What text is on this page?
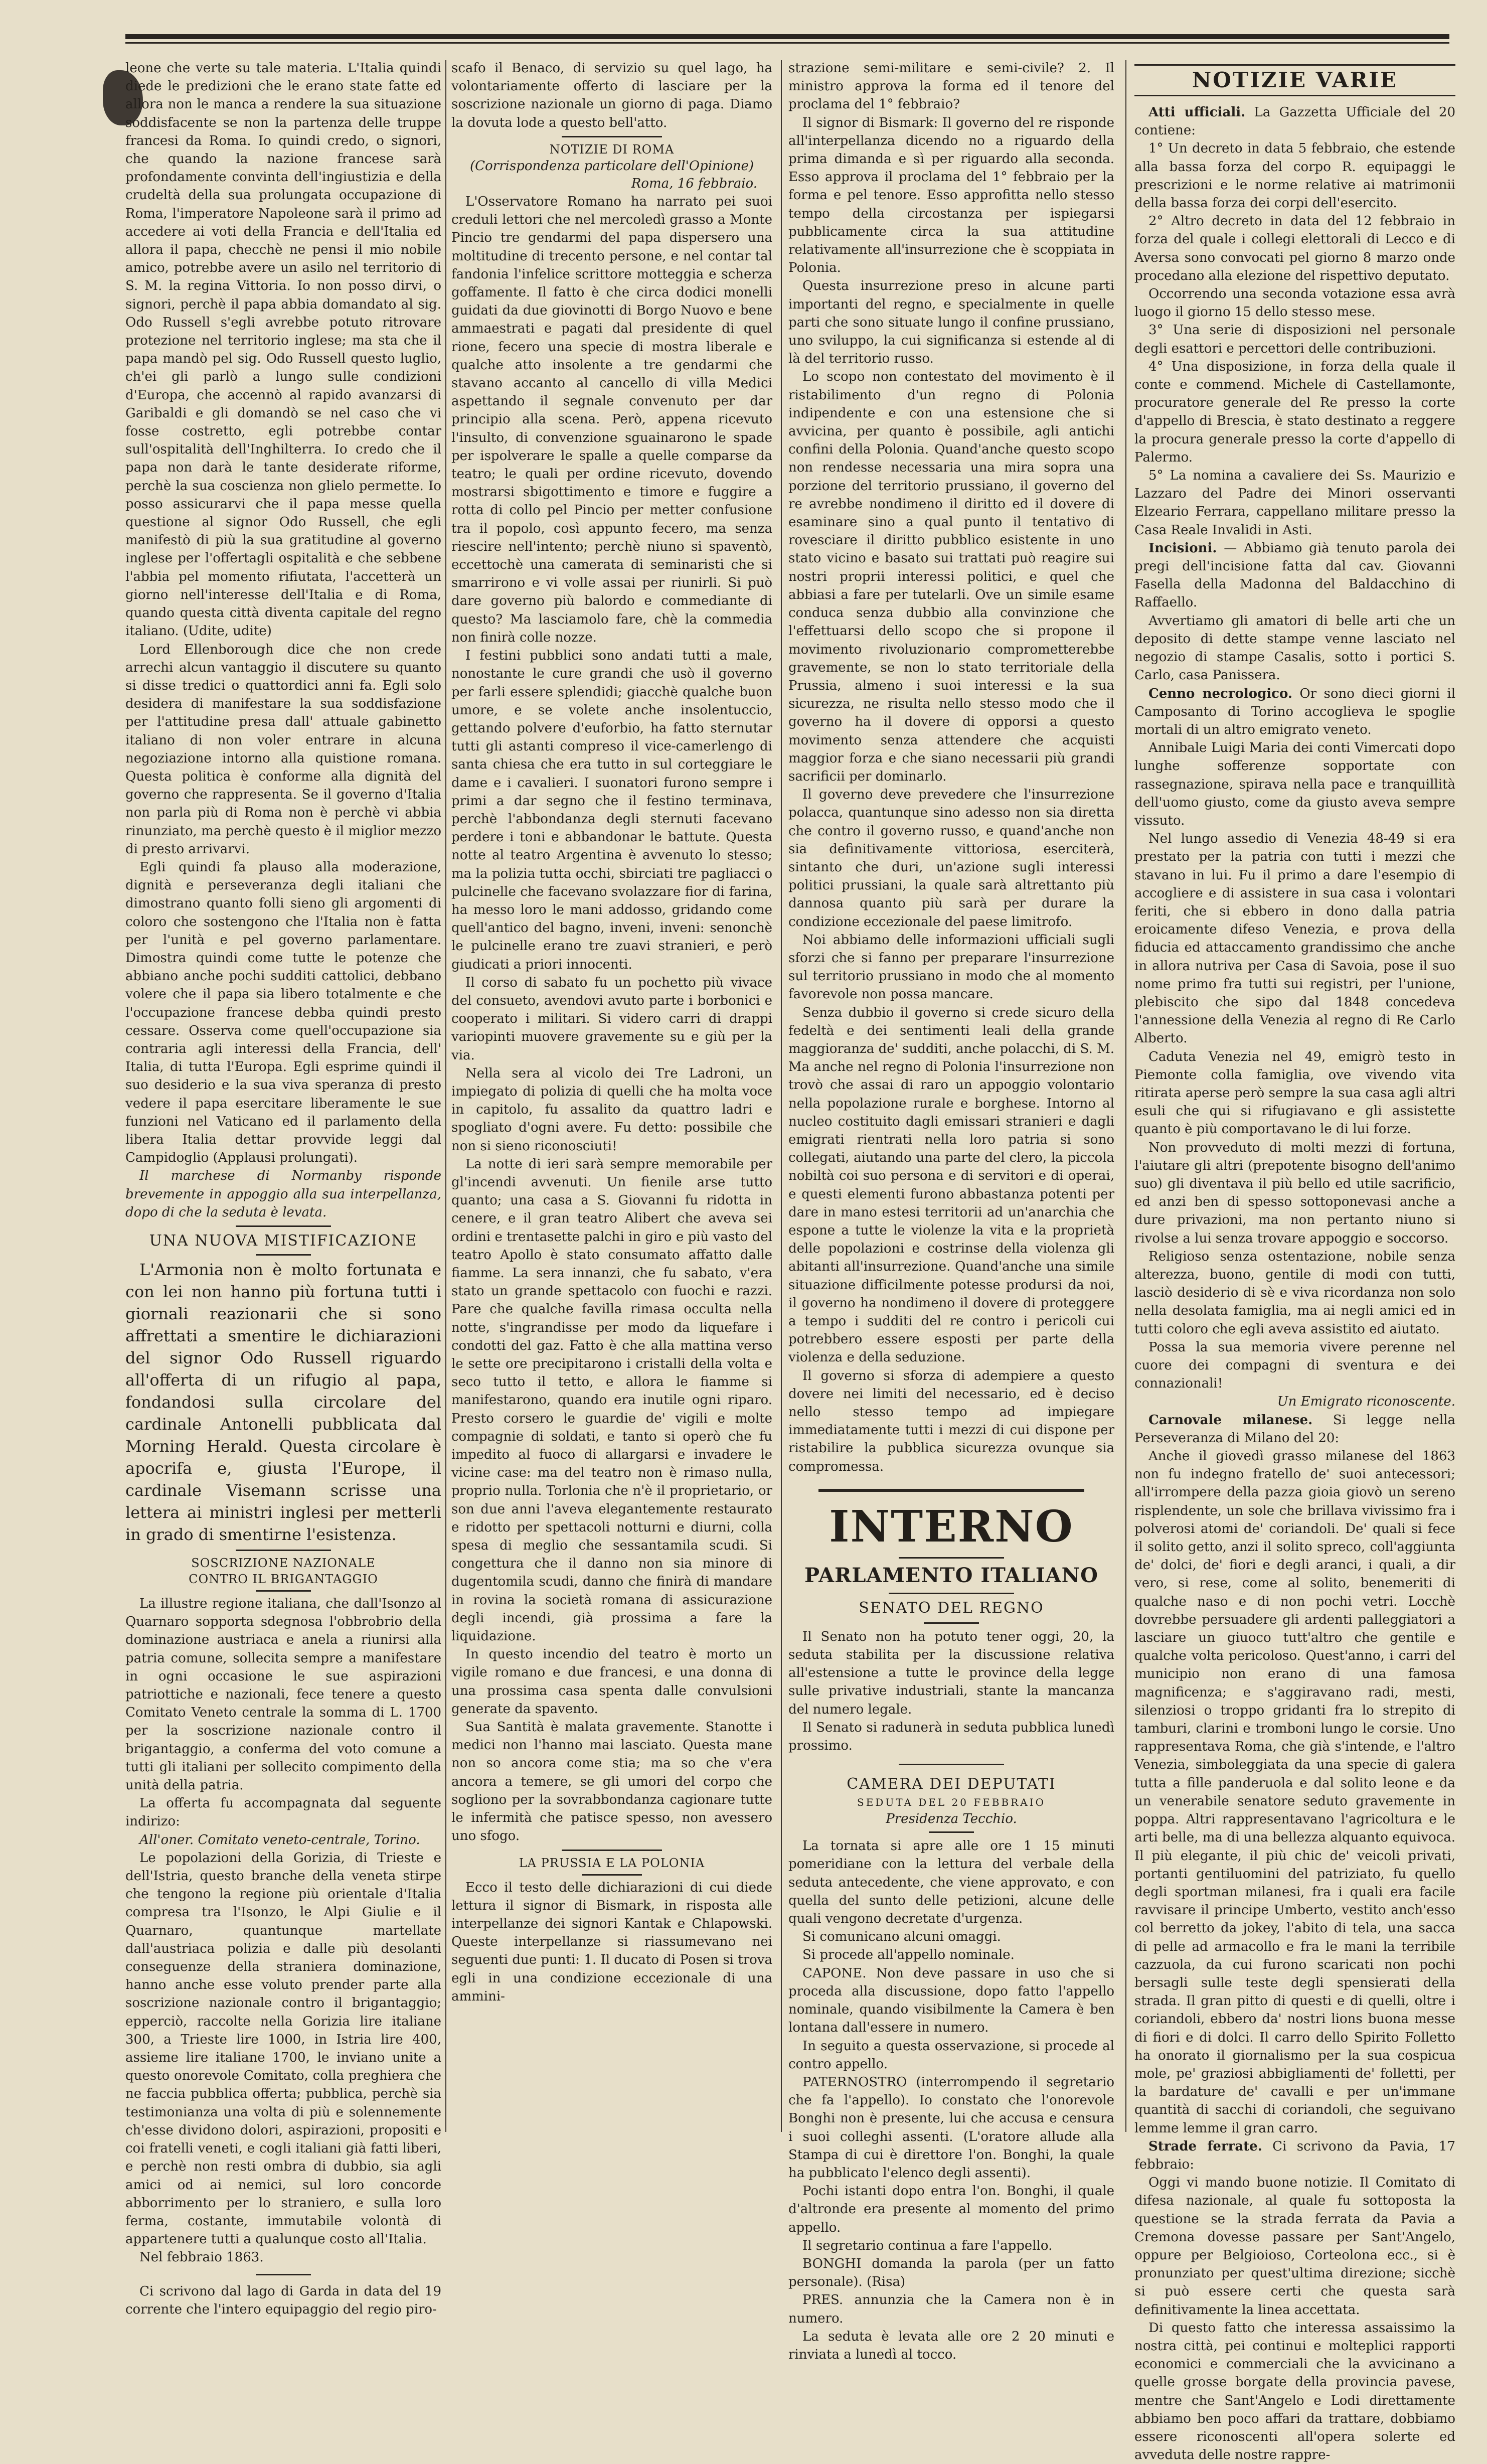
leone che verte su tale materia. L'Italia quindi diede le predizioni che le erano state fatte ed allora non le manca a rendere la sua situazione soddisfacente se non la partenza delle truppe francesi da Roma. Io quindi credo, o signori, che quando la nazione francese sarà profondamente convinta dell'ingiustizia e della crudeltà della sua prolungata occupazione di Roma, l'imperatore Napoleone sarà il primo ad accedere ai voti della Francia e dell'Italia ed allora il papa, checchè ne pensi il mio nobile amico, potrebbe avere un asilo nel territorio di S. M. la regina Vittoria. Io non posso dirvi, o signori, perchè il papa abbia domandato al sig. Odo Russell s'egli avrebbe potuto ritrovare protezione nel territorio inglese; ma sta che il papa mandò pel sig. Odo Russell questo luglio, ch'ei gli parlò a lungo sulle condizioni d'Europa, che accennò al rapido avanzarsi di Garibaldi e gli domandò se nel caso che vi fosse costretto, egli potrebbe contar sull'ospitalità dell'Inghilterra. Io credo che il papa non darà le tante desiderate riforme, perchè la sua coscienza non glielo permette. Io posso assicurarvi che il papa messe quella questione al signor Odo Russell, che egli manifestò di più la sua gratitudine al governo inglese per l'offertagli ospitalità e che sebbene l'abbia pel momento rifiutata, l'accetterà un giorno nell'interesse dell'Italia e di Roma, quando questa città diventa capitale del regno italiano. (Udite, udite)

Lord Ellenborough dice che non crede arrechi alcun vantaggio il discutere su quanto si disse tredici o quattordici anni fa. Egli solo desidera di manifestare la sua soddisfazione per l'attitudine presa dall' attuale gabinetto italiano di non voler entrare in alcuna negoziazione intorno alla quistione romana. Questa politica è conforme alla dignità del governo che rappresenta. Se il governo d'Italia non parla più di Roma non è perchè vi abbia rinunziato, ma perchè questo è il miglior mezzo di presto arrivarvi.

Egli quindi fa plauso alla moderazione, dignità e perseveranza degli italiani che dimostrano quanto folli sieno gli argomenti di coloro che sostengono che l'Italia non è fatta per l'unità e pel governo parlamentare. Dimostra quindi come tutte le potenze che abbiano anche pochi sudditi cattolici, debbano volere che il papa sia libero totalmente e che l'occupazione francese debba quindi presto cessare. Osserva come quell'occupazione sia contraria agli interessi della Francia, dell' Italia, di tutta l'Europa. Egli esprime quindi il suo desiderio e la sua viva speranza di presto vedere il papa esercitare liberamente le sue funzioni nel Vaticano ed il parlamento della libera Italia dettar provvide leggi dal Campidoglio (Applausi prolungati).

Il marchese di Normanby risponde brevemente in appoggio alla sua interpellanza, dopo di che la seduta è levata.

UNA NUOVA MISTIFICAZIONE

L'Armonia non è molto fortunata e con lei non hanno più fortuna tutti i giornali reazionarii che si sono affrettati a smentire le dichiarazioni del signor Odo Russell riguardo all'offerta di un rifugio al papa, fondandosi sulla circolare del cardinale Antonelli pubblicata dal Morning Herald. Questa circolare è apocrifa e, giusta l'Europe, il cardinale Visemann scrisse una lettera ai ministri inglesi per metterli in grado di smentirne l'esistenza.

SOSCRIZIONE NAZIONALE
CONTRO IL BRIGANTAGGIO

La illustre regione italiana, che dall'Isonzo al Quarnaro sopporta sdegnosa l'obbrobrio della dominazione austriaca e anela a riunirsi alla patria comune, sollecita sempre a manifestare in ogni occasione le sue aspirazioni patriottiche e nazionali, fece tenere a questo Comitato Veneto centrale la somma di L. 1700 per la soscrizione nazionale contro il brigantaggio, a conferma del voto comune a tutti gli italiani per sollecito compimento della unità della patria.

La offerta fu accompagnata dal seguente indirizo:

All'oner. Comitato veneto-centrale, Torino.

Le popolazioni della Gorizia, di Trieste e dell'Istria, questo branche della veneta stirpe che tengono la regione più orientale d'Italia compresa tra l'Isonzo, le Alpi Giulie e il Quarnaro, quantunque martellate dall'austriaca polizia e dalle più desolanti conseguenze della straniera dominazione, hanno anche esse voluto prender parte alla soscrizione nazionale contro il brigantaggio; epperciò, raccolte nella Gorizia lire italiane 300, a Trieste lire 1000, in Istria lire 400, assieme lire italiane 1700, le inviano unite a questo onorevole Comitato, colla preghiera che ne faccia pubblica offerta; pubblica, perchè sia testimonianza una volta di più e solennemente ch'esse dividono dolori, aspirazioni, propositi e coi fratelli veneti, e cogli italiani già fatti liberi, e perchè non resti ombra di dubbio, sia agli amici od ai nemici, sul loro concorde abborrimento per lo straniero, e sulla loro ferma, costante, immutabile volontà di appartenere tutti a qualunque costo all'Italia.

Nel febbraio 1863.

Ci scrivono dal lago di Garda in data del 19 corrente che l'intero equipaggio del regio piro-

scafo il Benaco, di servizio su quel lago, ha volontariamente offerto di lasciare per la soscrizione nazionale un giorno di paga. Diamo la dovuta lode a questo bell'atto.

NOTIZIE DI ROMA
(Corrispondenza particolare dell'Opinione)
Roma, 16 febbraio.

L'Osservatore Romano ha narrato pei suoi creduli lettori che nel mercoledì grasso a Monte Pincio tre gendarmi del papa dispersero una moltitudine di trecento persone, e nel contar tal fandonia l'infelice scrittore motteggia e scherza goffamente. Il fatto è che circa dodici monelli guidati da due giovinotti di Borgo Nuovo e bene ammaestrati e pagati dal presidente di quel rione, fecero una specie di mostra liberale e qualche atto insolente a tre gendarmi che stavano accanto al cancello di villa Medici aspettando il segnale convenuto per dar principio alla scena. Però, appena ricevuto l'insulto, di convenzione sguainarono le spade per ispolverare le spalle a quelle comparse da teatro; le quali per ordine ricevuto, dovendo mostrarsi sbigottimento e timore e fuggire a rotta di collo pel Pincio per metter confusione tra il popolo, così appunto fecero, ma senza riescire nell'intento; perchè niuno si spaventò, eccettochè una camerata di seminaristi che si smarrirono e vi volle assai per riunirli. Si può dare governo più balordo e commediante di questo? Ma lasciamolo fare, chè la commedia non finirà colle nozze.

I festini pubblici sono andati tutti a male, nonostante le cure grandi che usò il governo per farli essere splendidi; giacchè qualche buon umore, e se volete anche insolentuccio, gettando polvere d'euforbio, ha fatto sternutar tutti gli astanti compreso il vice-camerlengo di santa chiesa che era tutto in sul corteggiare le dame e i cavalieri. I suonatori furono sempre i primi a dar segno che il festino terminava, perchè l'abbondanza degli sternuti facevano perdere i toni e abbandonar le battute. Questa notte al teatro Argentina è avvenuto lo stesso; ma la polizia tutta occhi, sbirciati tre pagliacci o pulcinelle che facevano svolazzare fior di farina, ha messo loro le mani addosso, gridando come quell'antico del bagno, inveni, inveni: senonchè le pulcinelle erano tre zuavi stranieri, e però giudicati a priori innocenti.

Il corso di sabato fu un pochetto più vivace del consueto, avendovi avuto parte i borbonici e cooperato i militari. Si videro carri di drappi variopinti muovere gravemente su e giù per la via.

Nella sera al vicolo dei Tre Ladroni, un impiegato di polizia di quelli che ha molta voce in capitolo, fu assalito da quattro ladri e spogliato d'ogni avere. Fu detto: possibile che non si sieno riconosciuti!

La notte di ieri sarà sempre memorabile per gl'incendi avvenuti. Un fienile arse tutto quanto; una casa a S. Giovanni fu ridotta in cenere, e il gran teatro Alibert che aveva sei ordini e trentasette palchi in giro e più vasto del teatro Apollo è stato consumato affatto dalle fiamme. La sera innanzi, che fu sabato, v'era stato un grande spettacolo con fuochi e razzi. Pare che qualche favilla rimasa occulta nella notte, s'ingrandisse per modo da liquefare i condotti del gaz. Fatto è che alla mattina verso le sette ore precipitarono i cristalli della volta e seco tutto il tetto, e allora le fiamme si manifestarono, quando era inutile ogni riparo. Presto corsero le guardie de' vigili e molte compagnie di soldati, e tanto si operò che fu impedito al fuoco di allargarsi e invadere le vicine case: ma del teatro non è rimaso nulla, proprio nulla. Torlonia che n'è il proprietario, or son due anni l'aveva elegantemente restaurato e ridotto per spettacoli notturni e diurni, colla spesa di meglio che sessantamila scudi. Si congettura che il danno non sia minore di dugentomila scudi, danno che finirà di mandare in rovina la società romana di assicurazione degli incendi, già prossima a fare la liquidazione.

In questo incendio del teatro è morto un vigile romano e due francesi, e una donna di una prossima casa spenta dalle convulsioni generate da spavento.

Sua Santità è malata gravemente. Stanotte i medici non l'hanno mai lasciato. Questa mane non so ancora come stia; ma so che v'era ancora a temere, se gli umori del corpo che sogliono per la sovrabbondanza cagionare tutte le infermità che patisce spesso, non avessero uno sfogo.

LA PRUSSIA E LA POLONIA

Ecco il testo delle dichiarazioni di cui diede lettura il signor di Bismark, in risposta alle interpellanze dei signori Kantak e Chlapowski. Queste interpellanze si riassumevano nei seguenti due punti: 1. Il ducato di Posen si trova egli in una condizione eccezionale di una ammini-

strazione semi-militare e semi-civile? 2. Il ministro approva la forma ed il tenore del proclama del 1° febbraio?

Il signor di Bismark: Il governo del re risponde all'interpellanza dicendo no a riguardo della prima dimanda e sì per riguardo alla seconda. Esso approva il proclama del 1° febbraio per la forma e pel tenore. Esso approfitta nello stesso tempo della circostanza per ispiegarsi pubblicamente circa la sua attitudine relativamente all'insurrezione che è scoppiata in Polonia.

Questa insurrezione preso in alcune parti importanti del regno, e specialmente in quelle parti che sono situate lungo il confine prussiano, uno sviluppo, la cui significanza si estende al di là del territorio russo.

Lo scopo non contestato del movimento è il ristabilimento d'un regno di Polonia indipendente e con una estensione che si avvicina, per quanto è possibile, agli antichi confini della Polonia. Quand'anche questo scopo non rendesse necessaria una mira sopra una porzione del territorio prussiano, il governo del re avrebbe nondimeno il diritto ed il dovere di esaminare sino a qual punto il tentativo di rovesciare il diritto pubblico esistente in uno stato vicino e basato sui trattati può reagire sui nostri proprii interessi politici, e quel che abbiasi a fare per tutelarli. Ove un simile esame conduca senza dubbio alla convinzione che l'effettuarsi dello scopo che si propone il movimento rivoluzionario comprometterebbe gravemente, se non lo stato territoriale della Prussia, almeno i suoi interessi e la sua sicurezza, ne risulta nello stesso modo che il governo ha il dovere di opporsi a questo movimento senza attendere che acquisti maggior forza e che siano necessarii più grandi sacrificii per dominarlo.

Il governo deve prevedere che l'insurrezione polacca, quantunque sino adesso non sia diretta che contro il governo russo, e quand'anche non sia definitivamente vittoriosa, eserciterà, sintanto che duri, un'azione sugli interessi politici prussiani, la quale sarà altrettanto più dannosa quanto più sarà per durare la condizione eccezionale del paese limitrofo.

Noi abbiamo delle informazioni ufficiali sugli sforzi che si fanno per preparare l'insurrezione sul territorio prussiano in modo che al momento favorevole non possa mancare.

Senza dubbio il governo si crede sicuro della fedeltà e dei sentimenti leali della grande maggioranza de' sudditi, anche polacchi, di S. M. Ma anche nel regno di Polonia l'insurrezione non trovò che assai di raro un appoggio volontario nella popolazione rurale e borghese. Intorno al nucleo costituito dagli emissari stranieri e dagli emigrati rientrati nella loro patria si sono collegati, aiutando una parte del clero, la piccola nobiltà coi suo persona e di servitori e di operai, e questi elementi furono abbastanza potenti per dare in mano estesi territorii ad un'anarchia che espone a tutte le violenze la vita e la proprietà delle popolazioni e costrinse della violenza gli abitanti all'insurrezione. Quand'anche una simile situazione difficilmente potesse prodursi da noi, il governo ha nondimeno il dovere di proteggere a tempo i sudditi del re contro i pericoli cui potrebbero essere esposti per parte della violenza e della seduzione.

Il governo si sforza di adempiere a questo dovere nei limiti del necessario, ed è deciso nello stesso tempo ad impiegare immediatamente tutti i mezzi di cui dispone per ristabilire la pubblica sicurezza ovunque sia compromessa.

INTERNO
PARLAMENTO ITALIANO
SENATO DEL REGNO

Il Senato non ha potuto tener oggi, 20, la seduta stabilita per la discussione relativa all'estensione a tutte le province della legge sulle privative industriali, stante la mancanza del numero legale.

Il Senato si radunerà in seduta pubblica lunedì prossimo.

CAMERA DEI DEPUTATI
SEDUTA DEL 20 FEBBRAIO
Presidenza Tecchio.

La tornata si apre alle ore 1 15 minuti pomeridiane con la lettura del verbale della seduta antecedente, che viene approvato, e con quella del sunto delle petizioni, alcune delle quali vengono decretate d'urgenza.

Si comunicano alcuni omaggi.

Si procede all'appello nominale.

CAPONE. Non deve passare in uso che si proceda alla discussione, dopo fatto l'appello nominale, quando visibilmente la Camera è ben lontana dall'essere in numero.

In seguito a questa osservazione, si procede al contro appello.

PATERNOSTRO (interrompendo il segretario che fa l'appello). Io constato che l'onorevole Bonghi non è presente, lui che accusa e censura i suoi colleghi assenti. (L'oratore allude alla Stampa di cui è direttore l'on. Bonghi, la quale ha pubblicato l'elenco degli assenti).

Pochi istanti dopo entra l'on. Bonghi, il quale d'altronde era presente al momento del primo appello.

Il segretario continua a fare l'appello.

BONGHI domanda la parola (per un fatto personale). (Risa)

PRES. annunzia che la Camera non è in numero.

La seduta è levata alle ore 2 20 minuti e rinviata a lunedì al tocco.

NOTIZIE VARIE

Atti ufficiali. La Gazzetta Ufficiale del 20 contiene:

1° Un decreto in data 5 febbraio, che estende alla bassa forza del corpo R. equipaggi le prescrizioni e le norme relative ai matrimonii della bassa forza dei corpi dell'esercito.

2° Altro decreto in data del 12 febbraio in forza del quale i collegi elettorali di Lecco e di Aversa sono convocati pel giorno 8 marzo onde procedano alla elezione del rispettivo deputato.

Occorrendo una seconda votazione essa avrà luogo il giorno 15 dello stesso mese.

3° Una serie di disposizioni nel personale degli esattori e percettori delle contribuzioni.

4° Una disposizione, in forza della quale il conte e commend. Michele di Castellamonte, procuratore generale del Re presso la corte d'appello di Brescia, è stato destinato a reggere la procura generale presso la corte d'appello di Palermo.

5° La nomina a cavaliere dei Ss. Maurizio e Lazzaro del Padre dei Minori osservanti Elzeario Ferrara, cappellano militare presso la Casa Reale Invalidi in Asti.

Incisioni. — Abbiamo già tenuto parola dei pregi dell'incisione fatta dal cav. Giovanni Fasella della Madonna del Baldacchino di Raffaello.

Avvertiamo gli amatori di belle arti che un deposito di dette stampe venne lasciato nel negozio di stampe Casalis, sotto i portici S. Carlo, casa Panissera.

Cenno necrologico. Or sono dieci giorni il Camposanto di Torino accoglieva le spoglie mortali di un altro emigrato veneto.

Annibale Luigi Maria dei conti Vimercati dopo lunghe sofferenze sopportate con rassegnazione, spirava nella pace e tranquillità dell'uomo giusto, come da giusto aveva sempre vissuto.

Nel lungo assedio di Venezia 48-49 si era prestato per la patria con tutti i mezzi che stavano in lui. Fu il primo a dare l'esempio di accogliere e di assistere in sua casa i volontari feriti, che si ebbero in dono dalla patria eroicamente difeso Venezia, e prova della fiducia ed attaccamento grandissimo che anche in allora nutriva per Casa di Savoia, pose il suo nome primo fra tutti sui registri, per l'unione, plebiscito che sipo dal 1848 concedeva l'annessione della Venezia al regno di Re Carlo Alberto.

Caduta Venezia nel 49, emigrò testo in Piemonte colla famiglia, ove vivendo vita ritirata aperse però sempre la sua casa agli altri esuli che qui si rifugiavano e gli assistette quanto è più comportavano le di lui forze.

Non provveduto di molti mezzi di fortuna, l'aiutare gli altri (prepotente bisogno dell'animo suo) gli diventava il più bello ed utile sacrificio, ed anzi ben di spesso sottoponevasi anche a dure privazioni, ma non pertanto niuno si rivolse a lui senza trovare appoggio e soccorso.

Religioso senza ostentazione, nobile senza alterezza, buono, gentile di modi con tutti, lasciò desiderio di sè e viva ricordanza non solo nella desolata famiglia, ma ai negli amici ed in tutti coloro che egli aveva assistito ed aiutato.

Possa la sua memoria vivere perenne nel cuore dei compagni di sventura e dei connazionali!

Un Emigrato riconoscente.

Carnovale milanese. Si legge nella Perseveranza di Milano del 20:

Anche il giovedì grasso milanese del 1863 non fu indegno fratello de' suoi antecessori; all'irrompere della pazza gioia giovò un sereno risplendente, un sole che brillava vivissimo fra i polverosi atomi de' coriandoli. De' quali si fece il solito getto, anzi il solito spreco, coll'aggiunta de' dolci, de' fiori e degli aranci, i quali, a dir vero, si rese, come al solito, benemeriti di qualche naso e di non pochi vetri. Locchè dovrebbe persuadere gli ardenti palleggiatori a lasciare un giuoco tutt'altro che gentile e qualche volta pericoloso. Quest'anno, i carri del municipio non erano di una famosa magnificenza; e s'aggiravano radi, mesti, silenziosi o troppo gridanti fra lo strepito di tamburi, clarini e tromboni lungo le corsie. Uno rappresentava Roma, che già s'intende, e l'altro Venezia, simboleggiata da una specie di galera tutta a fille panderuola e dal solito leone e da un venerabile senatore seduto gravemente in poppa. Altri rappresentavano l'agricoltura e le arti belle, ma di una bellezza alquanto equivoca. Il più elegante, il più chic de' veicoli privati, portanti gentiluomini del patriziato, fu quello degli sportman milanesi, fra i quali era facile ravvisare il principe Umberto, vestito anch'esso col berretto da jokey, l'abito di tela, una sacca di pelle ad armacollo e fra le mani la terribile cazzuola, da cui furono scaricati non pochi bersagli sulle teste degli spensierati della strada. Il gran pitto di questi e di quelli, oltre i coriandoli, ebbero da' nostri lions buona messe di fiori e di dolci. Il carro dello Spirito Folletto ha onorato il giornalismo per la sua cospicua mole, pe' graziosi abbigliamenti de' folletti, per la bardature de' cavalli e per un'immane quantità di sacchi di coriandoli, che seguivano lemme lemme il gran carro.

Strade ferrate. Ci scrivono da Pavia, 17 febbraio:

Oggi vi mando buone notizie. Il Comitato di difesa nazionale, al quale fu sottoposta la questione se la strada ferrata da Pavia a Cremona dovesse passare per Sant'Angelo, oppure per Belgioioso, Corteolona ecc., si è pronunziato per quest'ultima direzione; sicchè si può essere certi che questa sarà definitivamente la linea accettata.

Di questo fatto che interessa assaissimo la nostra città, pei continui e molteplici rapporti economici e commerciali che la avvicinano a quelle grosse borgate della provincia pavese, mentre che Sant'Angelo e Lodi direttamente abbiamo ben poco affari da trattare, dobbiamo essere riconoscenti all'opera solerte ed avveduta delle nostre rappre-
